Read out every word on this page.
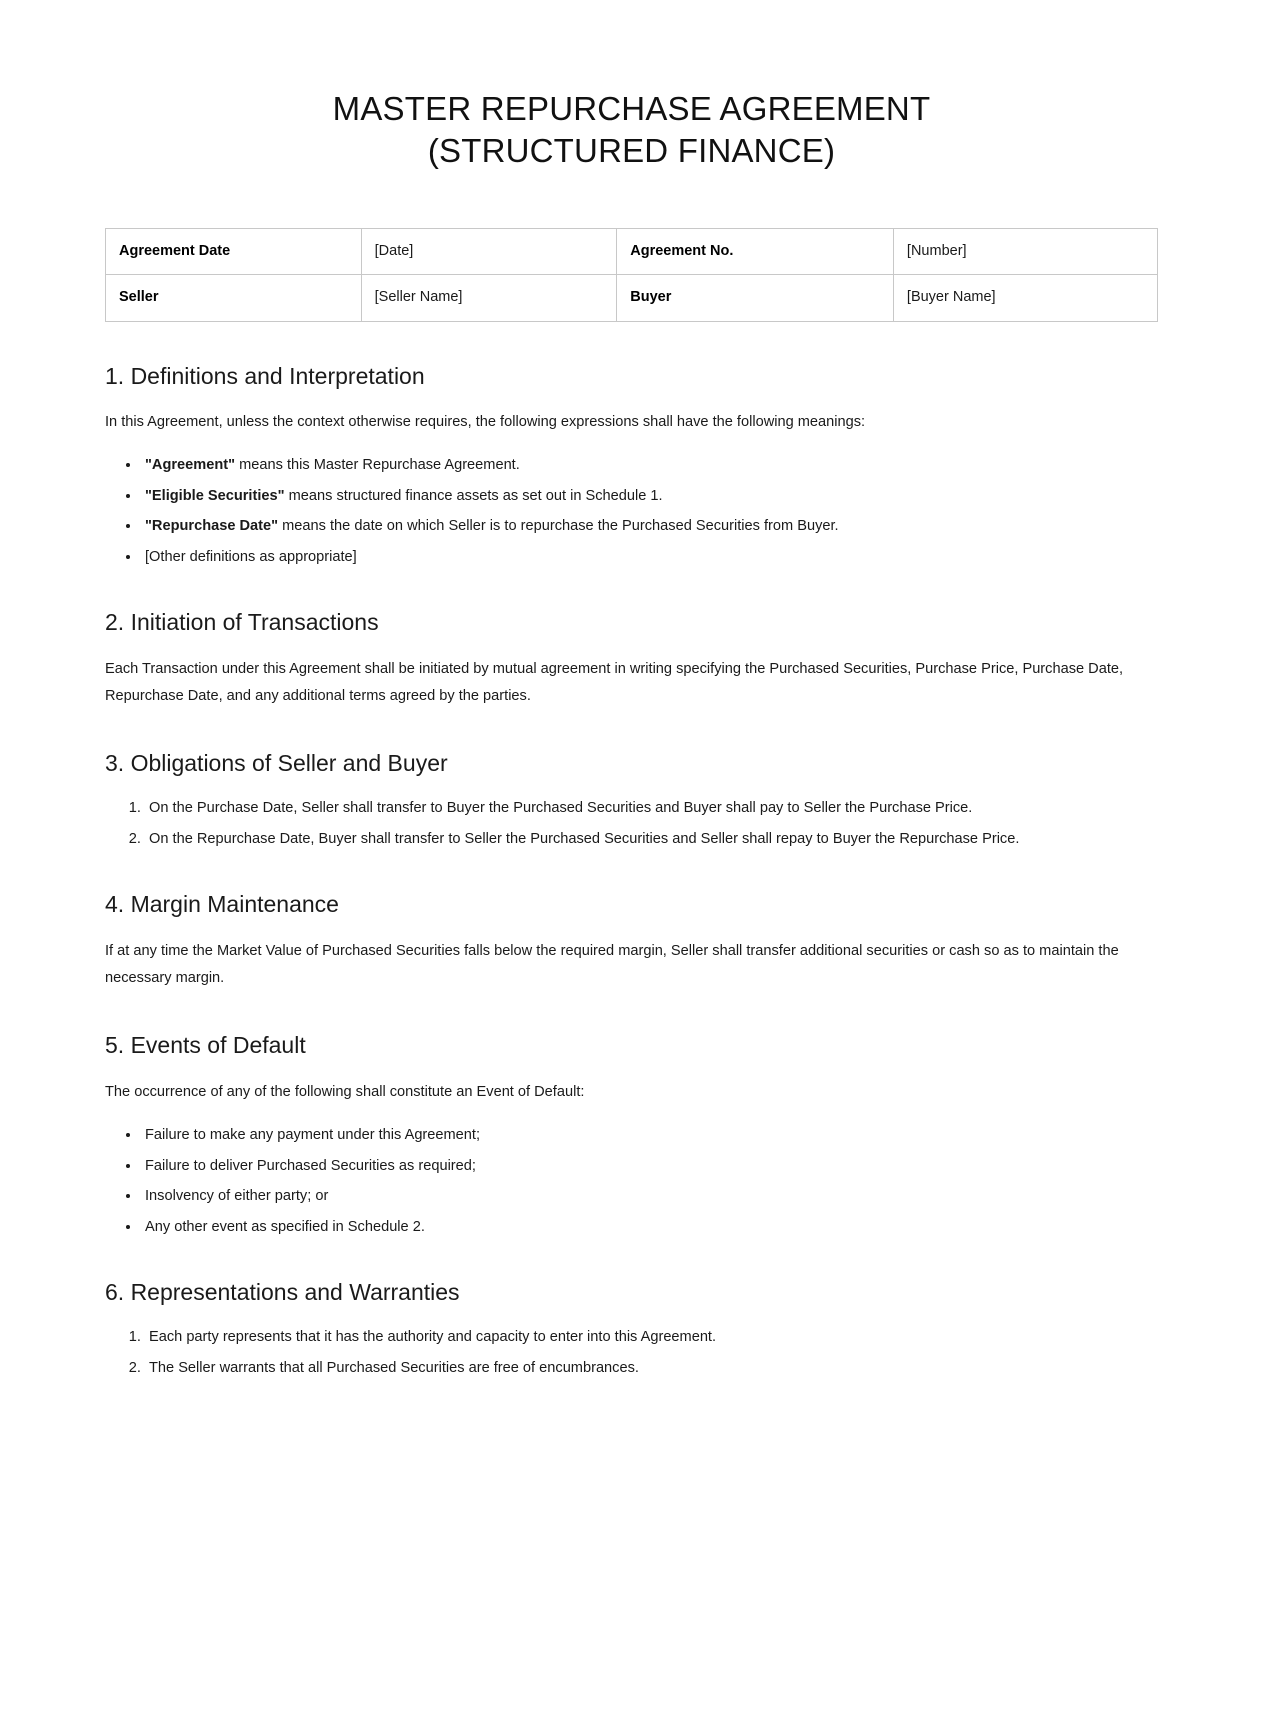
MASTER REPURCHASE AGREEMENT
(STRUCTURED FINANCE)
Agreement Date	[Date]	Agreement No.	[Number]
Seller	[Seller Name]	Buyer	[Buyer Name]
1. Definitions and Interpretation

In this Agreement, unless the context otherwise requires, the following expressions shall have the following meanings:

• "Agreement" means this Master Repurchase Agreement.
• "Eligible Securities" means structured finance assets as set out in Schedule 1.
• "Repurchase Date" means the date on which Seller is to repurchase the Purchased Securities from Buyer.
• [Other definitions as appropriate]
2. Initiation of Transactions

Each Transaction under this Agreement shall be initiated by mutual agreement in writing specifying the Purchased Securities, Purchase Price, Purchase Date, Repurchase Date, and any additional terms agreed by the parties.

3. Obligations of Seller and Buyer
1. On the Purchase Date, Seller shall transfer to Buyer the Purchased Securities and Buyer shall pay to Seller the Purchase Price.
2. On the Repurchase Date, Buyer shall transfer to Seller the Purchased Securities and Seller shall repay to Buyer the Repurchase Price.
4. Margin Maintenance

If at any time the Market Value of Purchased Securities falls below the required margin, Seller shall transfer additional securities or cash so as to maintain the necessary margin.

5. Events of Default

The occurrence of any of the following shall constitute an Event of Default:

• Failure to make any payment under this Agreement;
• Failure to deliver Purchased Securities as required;
• Insolvency of either party; or
• Any other event as specified in Schedule 2.
6. Representations and Warranties
1. Each party represents that it has the authority and capacity to enter into this Agreement.
2. The Seller warrants that all Purchased Securities are free of encumbrances.
